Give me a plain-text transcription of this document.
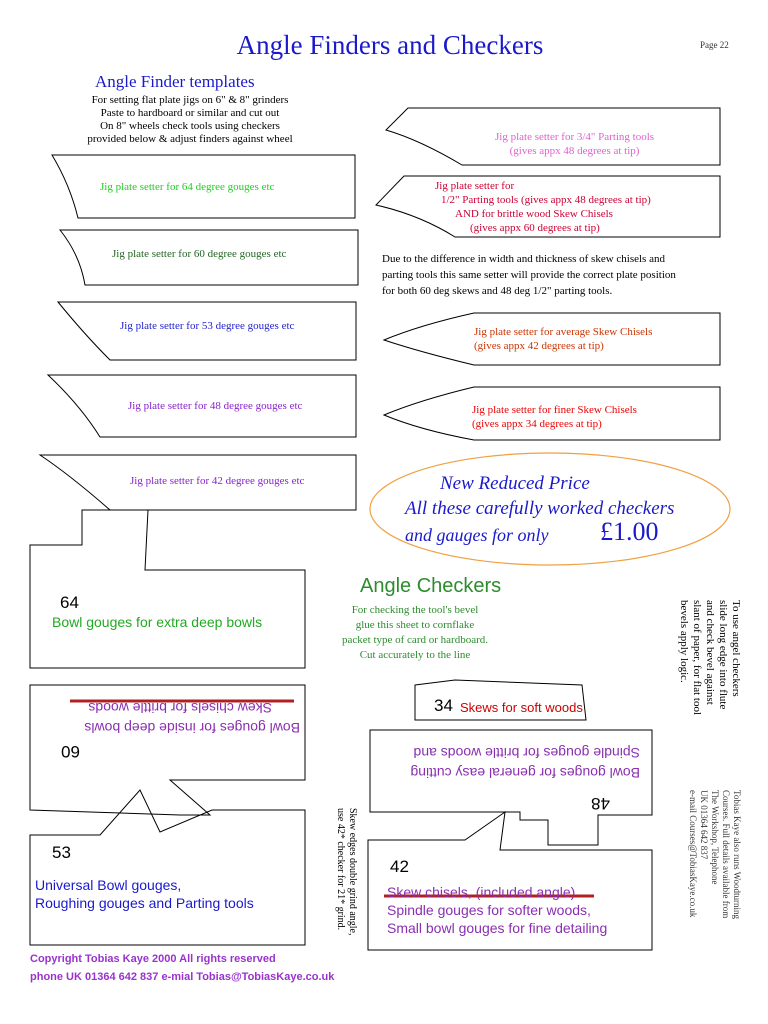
Angle Finders and Checkers	Page 22
Angle Finder templates
For setting flat plate jigs on 6" & 8" grinders
Paste to hardboard or similar and cut out
On 8" wheels check tools using checkers
provided below & adjust finders against wheel
Jig plate setter for 64 degree gouges etc
Jig plate setter for 60 degree gouges etc
Jig plate setter for 53 degree gouges etc
Jig plate setter for 48 degree gouges etc
Jig plate setter for 42 degree gouges etc
Jig plate setter for 3/4" Parting tools
(gives appx 48 degrees at tip)
Jig plate setter for
1/2" Parting tools (gives appx 48 degrees at tip)
AND for brittle wood Skew Chisels
(gives appx 60 degrees at tip)
Due to the difference in width and thickness of skew chisels and
parting tools this same setter will provide the correct plate position
for both 60 deg skews and 48 deg 1/2" parting tools.
Jig plate setter for average Skew Chisels
(gives appx 42 degrees at tip)
Jig plate setter for finer Skew Chisels
(gives appx 34 degrees at tip)
New Reduced Price
All these carefully worked checkers
and gauges for only £1.00
Angle Checkers
For checking the tool's bevel
glue this sheet to cornflake
packet type of card or hardboard.
Cut accurately to the line
64
Bowl gouges for extra deep bowls
60
Bowl gouges for inside deep bowls
Skew chisels for brittle woods	34 Skews for soft woods
48
Bowl gouges for general easy cutting
Spindle gouges for brittle woods and
53
Universal Bowl gouges,
Roughing gouges and Parting tools
42
Skew chisels, (included angle)
Spindle gouges for softer woods,
Small bowl gouges for fine detailing
Skew edges double grind angle,
use 42* checker for 21* grind.
To use angel checkers
slide long edge into flute
and check bevel against
slant of paper, for flat tool
bevels apply logic.
Tobias Kaye also runs Woodturning
Courses. Full details available from
The Workshop, Telephone
UK 01364 642 837
e-mail Courses@TobiasKaye.co.uk
Copyright Tobias Kaye 2000 All rights reserved
phone UK 01364 642 837 e-mial Tobias@TobiasKaye.co.uk
